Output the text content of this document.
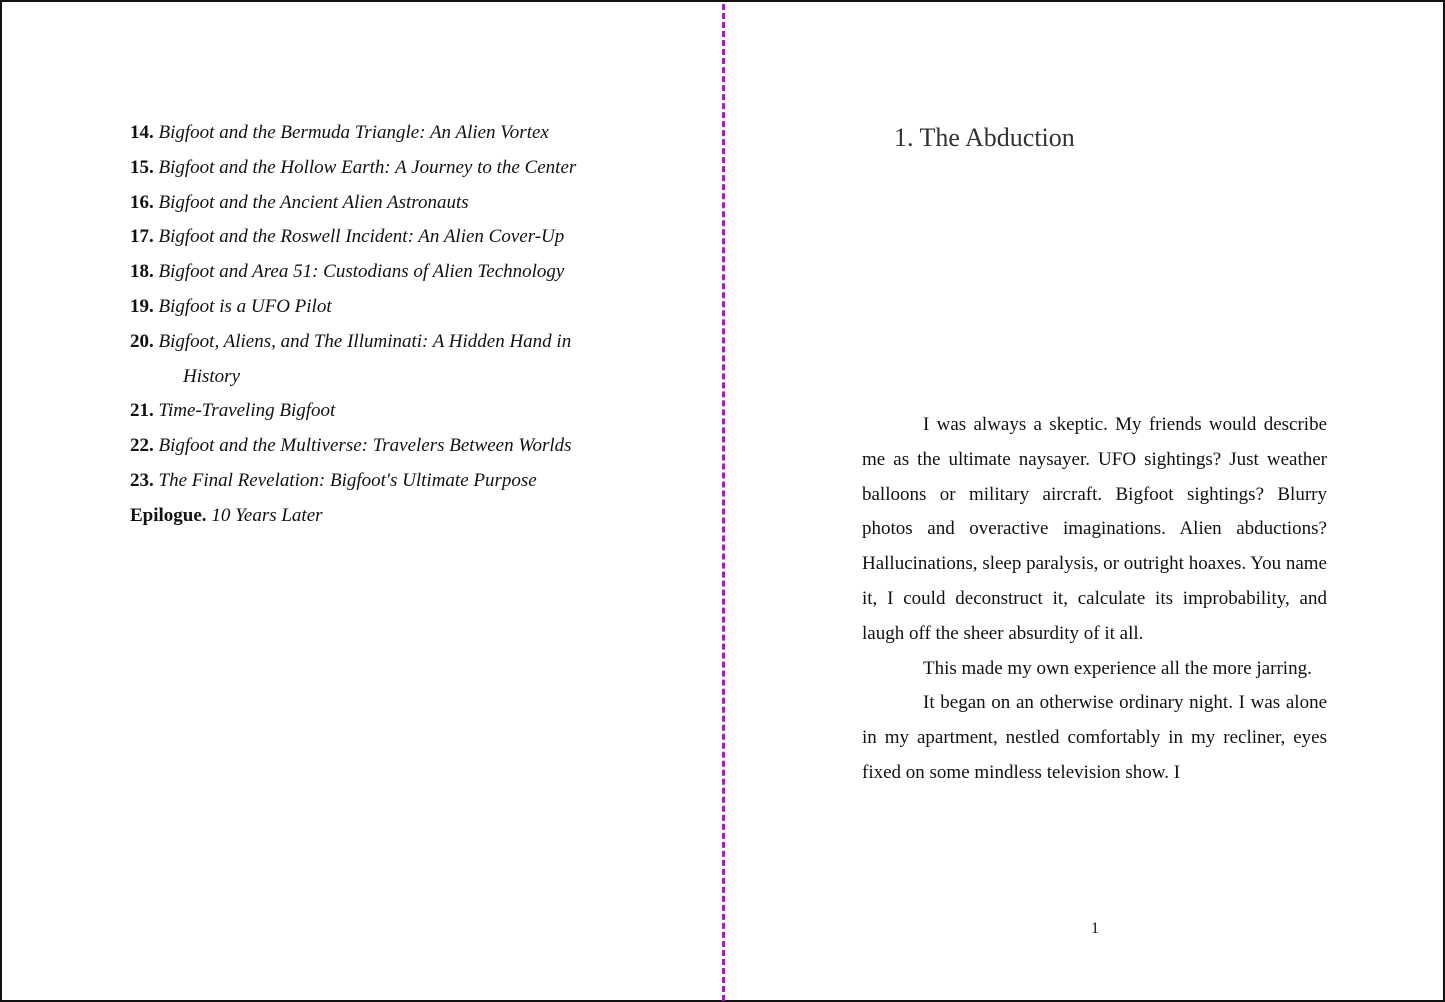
14. Bigfoot and the Bermuda Triangle: An Alien Vortex
15. Bigfoot and the Hollow Earth: A Journey to the Center
16. Bigfoot and the Ancient Alien Astronauts
17. Bigfoot and the Roswell Incident: An Alien Cover-Up
18. Bigfoot and Area 51: Custodians of Alien Technology
19. Bigfoot is a UFO Pilot
20. Bigfoot, Aliens, and The Illuminati: A Hidden Hand in History
21. Time-Traveling Bigfoot
22. Bigfoot and the Multiverse: Travelers Between Worlds
23. The Final Revelation: Bigfoot's Ultimate Purpose
Epilogue. 10 Years Later
1. The Abduction

I was always a skeptic. My friends would describe me as the ultimate naysayer. UFO sightings? Just weather balloons or military aircraft. Bigfoot sightings? Blurry photos and overactive imaginations. Alien abductions? Hallucinations, sleep paralysis, or outright hoaxes. You name it, I could deconstruct it, calculate its improbability, and laugh off the sheer absurdity of it all.

This made my own experience all the more jarring.

It began on an otherwise ordinary night. I was alone in my apartment, nestled comfortably in my recliner, eyes fixed on some mindless television show. I

1
